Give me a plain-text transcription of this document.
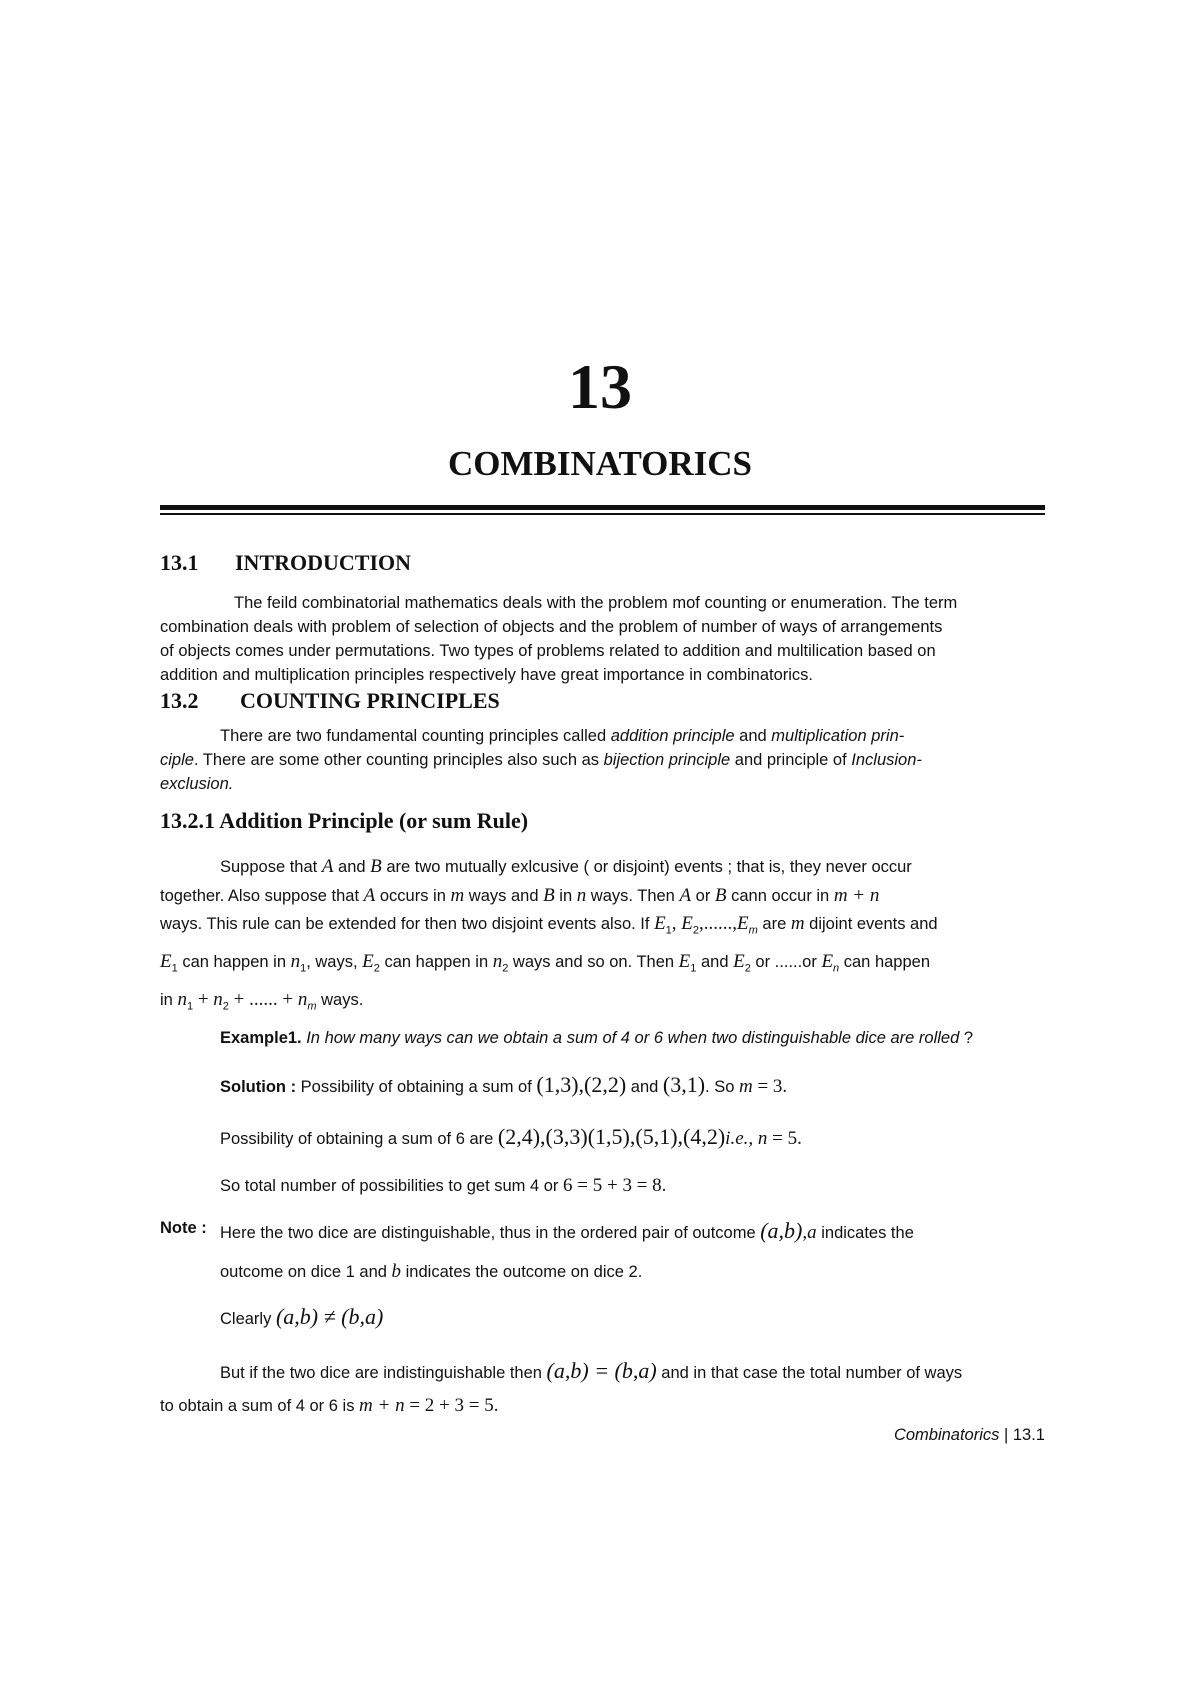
13
COMBINATORICS
13.1 INTRODUCTION
The feild combinatorial mathematics deals with the problem mof counting or enumeration. The term
combination deals with problem of selection of objects and the problem of number of ways of arrangements
of objects comes under permutations. Two types of problems related to addition and multilication based on
addition and multiplication principles respectively have great importance in combinatorics.
13.2 COUNTING PRINCIPLES
There are two fundamental counting principles called addition principle and multiplication prin-
ciple. There are some other counting principles also such as bijection principle and principle of Inclusion-
exclusion.
13.2.1 Addition Principle (or sum Rule)
Suppose that A and B are two mutually exlcusive ( or disjoint) events ; that is, they never occur
together. Also suppose that A occurs in m ways and B in n ways. Then A or B cann occur in m + n
ways. This rule can be extended for then two disjoint events also. If $E_1$, $E_2,......,E_m$ are m dijoint events and
$E_1$ can happen in $n_1$, ways, $E_2$ can happen in $n_2$ ways and so on. Then $E_1$ and $E_2$ or ......or $E_n$ can happen
in $n_1 + n_2$ + ...... + $n_m$ ways.
Example1. In how many ways can we obtain a sum of 4 or 6 when two distinguishable dice are rolled ?
Solution : Possibility of obtaining a sum of (1,3),(2,2) and (3,1). So m = 3.
Possibility of obtaining a sum of 6 are (2,4),(3,3)(1,5),(5,1),(4,2)i.e., n = 5.
So total number of possibilities to get sum 4 or 6 = 5 + 3 = 8.
Note : Here the two dice are distinguishable, thus in the ordered pair of outcome (a,b),a indicates the
outcome on dice 1 and b indicates the outcome on dice 2.
Clearly (a,b) ≠ (b,a)
But if the two dice are indistinguishable then (a,b) = (b,a) and in that case the total number of ways
to obtain a sum of 4 or 6 is m + n = 2 + 3 = 5.
Combinatorics | 13.1
